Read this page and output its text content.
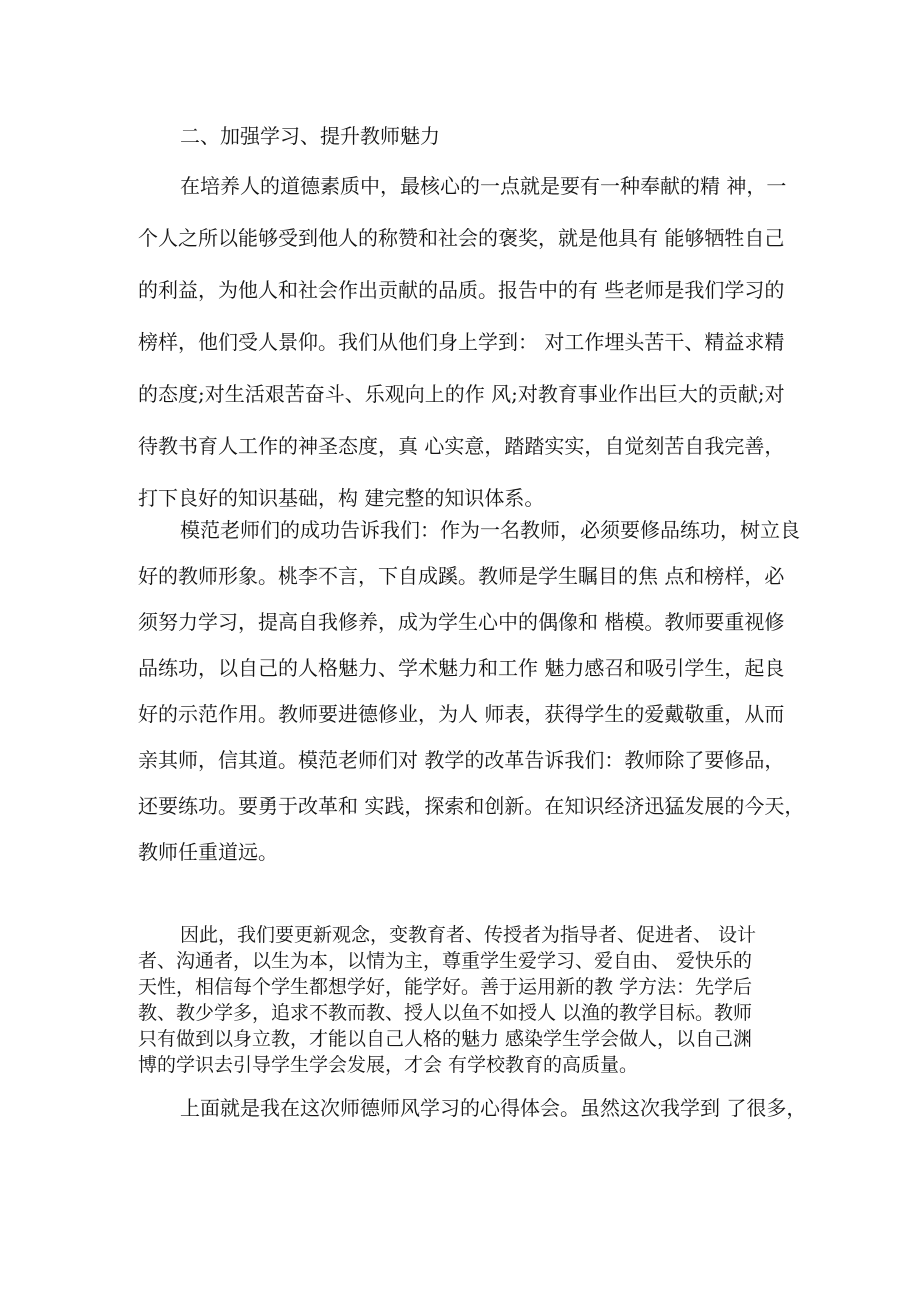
二、加强学习、提升教师魅力
在培养人的道德素质中，最核心的一点就是要有一种奉献的精 神，一
个人之所以能够受到他人的称赞和社会的褒奖，就是他具有 能够牺牲自己
的利益，为他人和社会作出贡献的品质。报告中的有 些老师是我们学习的
榜样，他们受人景仰。我们从他们身上学到： 对工作埋头苦干、精益求精
的态度;对生活艰苦奋斗、乐观向上的作 风;对教育事业作出巨大的贡献;对
待教书育人工作的神圣态度，真 心实意，踏踏实实，自觉刻苦自我完善，
打下良好的知识基础，构 建完整的知识体系。
模范老师们的成功告诉我们：作为一名教师，必须要修品练功，树立良
好的教师形象。桃李不言，下自成蹊。教师是学生瞩目的焦 点和榜样，必
须努力学习，提高自我修养，成为学生心中的偶像和 楷模。教师要重视修
品练功，以自己的人格魅力、学术魅力和工作 魅力感召和吸引学生，起良
好的示范作用。教师要进德修业，为人 师表，获得学生的爱戴敬重，从而
亲其师，信其道。模范老师们对 教学的改革告诉我们：教师除了要修品，
还要练功。要勇于改革和 实践，探索和创新。在知识经济迅猛发展的今天，
教师任重道远。
因此，我们要更新观念，变教育者、传授者为指导者、促进者、 设计
者、沟通者，以生为本，以情为主，尊重学生爱学习、爱自由、 爱快乐的
天性，相信每个学生都想学好，能学好。善于运用新的教 学方法：先学后
教、教少学多，追求不教而教、授人以鱼不如授人 以渔的教学目标。教师
只有做到以身立教，才能以自己人格的魅力 感染学生学会做人，以自己渊
博的学识去引导学生学会发展，才会 有学校教育的高质量。
上面就是我在这次师德师风学习的心得体会。虽然这次我学到 了很多，
